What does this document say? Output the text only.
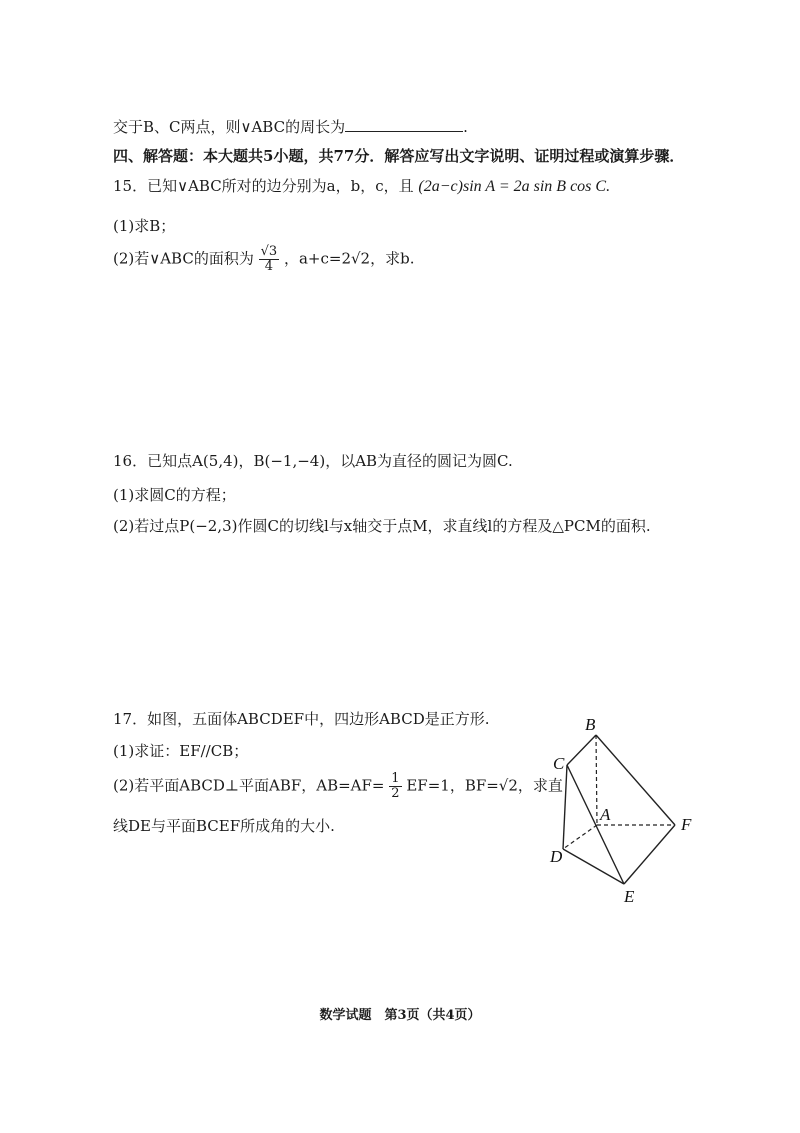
交于B、C两点，则∨ABC的周长为	.
四、解答题：本大题共5小题，共77分．解答应写出文字说明、证明过程或演算步骤．
15．已知∨ABC所对的边分别为a，b，c，且 (2a−c)sin A = 2a sin B cos C.
(1)求B；
(2)若∨ABC的面积为 $\frac{√3}{4}$ ，a+c=2√2，求b.
16．已知点A(5,4)，B(−1,−4)，以AB为直径的圆记为圆C.
(1)求圆C的方程；
(2)若过点P(−2,3)作圆C的切线l与x轴交于点M，求直线l的方程及△PCM的面积.
17．如图，五面体ABCDEF中，四边形ABCD是正方形.
(1)求证：EF//CB；
(2)若平面ABCD⊥平面ABF，$AB=AF= \frac{1}{2} EF=1$，BF=√2，求直
线DE与平面BCEF所成角的大小.
B
C
A
F
D
E
数学试题　第3页（共4页）
